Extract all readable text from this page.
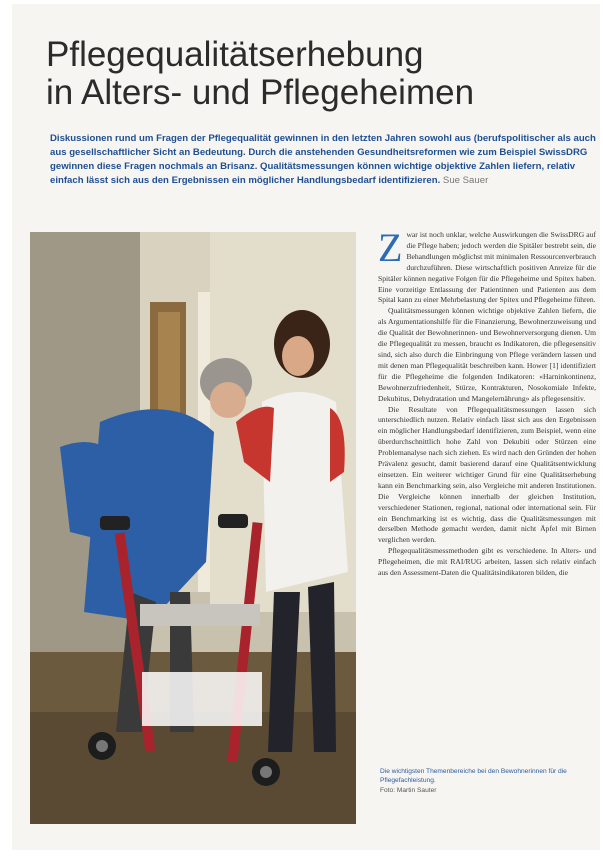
Pflegequalitätserhebung
in Alters- und Pflegeheimen

Diskussionen rund um Fragen der Pflegequalität gewinnen in den letzten Jahren sowohl aus (berufspolitischer als auch aus gesellschaftlicher Sicht an Bedeutung. Durch die anstehenden Gesundheitsreformen wie zum Beispiel SwissDRG gewinnen diese Fragen nochmals an Brisanz. Qualitätsmessungen können wichtige objektive Zahlen liefern, relativ einfach lässt sich aus den Ergebnissen ein möglicher Handlungsbedarf identifizieren. Sue Sauer

Zwar ist noch unklar, welche Auswirkungen die SwissDRG auf die Pflege haben; jedoch werden die Spitäler bestrebt sein, die Behandlungen möglichst mit minimalen Ressourcenverbrauch durchzuführen. Diese wirtschaftlich positiven Anreize für die Spitäler können negative Folgen für die Pflegeheime und Spitex haben. Eine vorzeitige Entlassung der Patientinnen und Patienten aus dem Spital kann zu einer Mehrbelastung der Spitex und Pflegeheime führen.

Qualitätsmessungen können wichtige objektive Zahlen liefern, die als Argumentationshilfe für die Finanzierung, Bewohnerzuweisung und die Qualität der Bewohnerinnen- und Bewohnerversorgung dienen. Um die Pflegequalität zu messen, braucht es Indikatoren, die pflegesensitiv sind, sich also durch die Einbringung von Pflege verändern lassen und mit denen man Pflegequalität beschreiben kann. Hower [1] identifiziert für die Pflegeheime die folgenden Indikatoren: «Harninkontinenz, Bewohnerzufriedenheit, Stürze, Kontrakturen, Nosokomiale Infekte, Dekubitus, Dehydratation und Mangelernährung» als pflegesensitiv.

Die Resultate von Pflegequalitätsmessungen lassen sich unterschiedlich nutzen. Relativ einfach lässt sich aus den Ergebnissen ein möglicher Handlungsbedarf identifizieren, zum Beispiel, wenn eine überdurchschnittlich hohe Zahl von Dekubiti oder Stürzen eine Problemanalyse nach sich ziehen. Es wird nach den Gründen der hohen Prävalenz gesucht, damit basierend darauf eine Qualitätsentwicklung einsetzen. Ein weiterer wichtiger Grund für eine Qualitätserhebung kann ein Benchmarking sein, also Vergleiche mit anderen Institutionen. Die Vergleiche können innerhalb der gleichen Institution, verschiedener Stationen, regional, national oder international sein. Für ein Benchmarking ist es wichtig, dass die Qualitätsmessungen mit derselben Methode gemacht werden, damit nicht Äpfel mit Birnen verglichen werden.

Pflegequalitätsmessmethoden gibt es verschiedene. In Alters- und Pflegeheimen, die mit RAI/RUG arbeiten, lassen sich relativ einfach aus den Assessment-Daten die Qualitätsindikatoren bilden, die

Die wichtigsten Themenbereiche bei den Bewohnerinnen für die Pflegefachleistung.
Foto: Martin Sauter
